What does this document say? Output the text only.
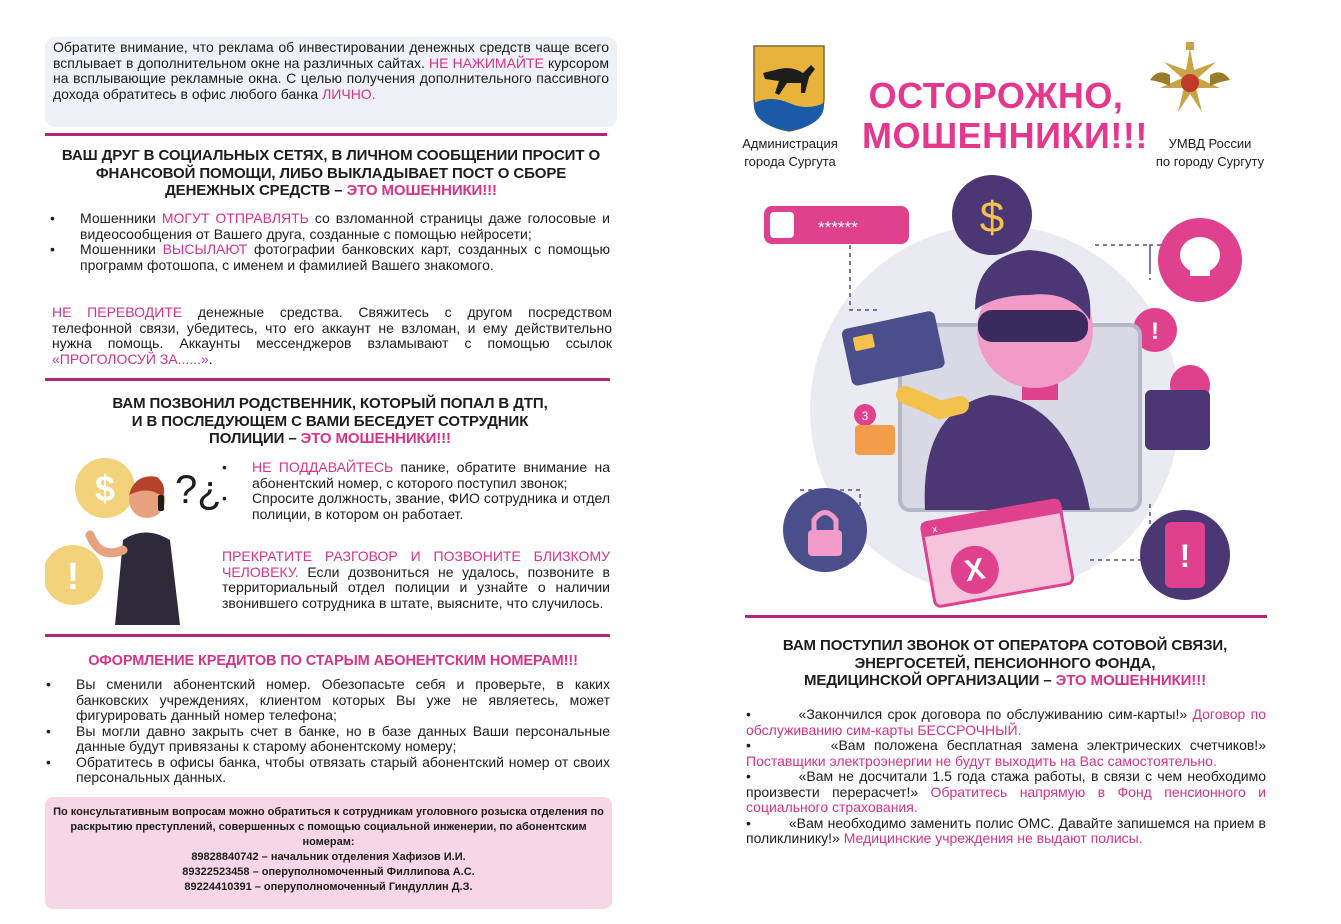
Обратите внимание, что реклама об инвестировании денежных средств чаще всего всплывает в дополнительном окне на различных сайтах. НЕ НАЖИМАЙТЕ курсором на всплывающие рекламные окна. С целью получения дополнительного пассивного дохода обратитесь в офис любого банка ЛИЧНО.
ВАШ ДРУГ В СОЦИАЛЬНЫХ СЕТЯХ, В ЛИЧНОМ СООБЩЕНИИ ПРОСИТ О ФНАНСОВОЙ ПОМОЩИ, ЛИБО ВЫКЛАДЫВАЕТ ПОСТ О СБОРЕ ДЕНЕЖНЫХ СРЕДСТВ – ЭТО МОШЕННИКИ!!!
•	Мошенники МОГУТ ОТПРАВЛЯТЬ со взломанной страницы даже голосовые и видеосообщения от Вашего друга, созданные с помощью нейросети;
•	Мошенники ВЫСЫЛАЮТ фотографии банковских карт, созданных с помощью программ фотошопа, с именем и фамилией Вашего знакомого.
НЕ ПЕРЕВОДИТЕ денежные средства. Свяжитесь с другом посредством телефонной связи, убедитесь, что его аккаунт не взломан, и ему действительно нужна помощь. Аккаунты мессенджеров взламывают с помощью ссылок «ПРОГОЛОСУЙ ЗА......».
ВАМ ПОЗВОНИЛ РОДСТВЕННИК, КОТОРЫЙ ПОПАЛ В ДТП,
И В ПОСЛЕДУЮЩЕМ С ВАМИ БЕСЕДУЕТ СОТРУДНИК
ПОЛИЦИИ – ЭТО МОШЕННИКИ!!!
$
!
?¿
•	НЕ ПОДДАВАЙТЕСЬ панике, обратите внимание на абонентский номер, с которого поступил звонок;
•	Спросите должность, звание, ФИО сотрудника и отдел полиции, в котором он работает.
ПРЕКРАТИТЕ РАЗГОВОР И ПОЗВОНИТЕ БЛИЗКОМУ ЧЕЛОВЕКУ. Если дозвониться не удалось, позвоните в территориальный отдел полиции и узнайте о наличии звонившего сотрудника в штате, выясните, что случилось.
ОФОРМЛЕНИЕ КРЕДИТОВ ПО СТАРЫМ АБОНЕНТСКИМ НОМЕРАМ!!!
•	Вы сменили абонентский номер. Обезопасьте себя и проверьте, в каких банковских учреждениях, клиентом которых Вы уже не являетесь, может фигурировать данный номер телефона;
•	Вы могли давно закрыть счет в банке, но в базе данных Ваши персональные данные будут привязаны к старому абонентскому номеру;
•	Обратитесь в офисы банка, чтобы отвязать старый абонентский номер от своих персональных данных.
По консультативным вопросам можно обратиться к сотрудникам уголовного розыска отделения по раскрытию преступлений, совершенных с помощью социальной инженерии, по абонентским номерам:
89828840742 – начальник отделения Хафизов И.И.
89322523458 – оперуполномоченный Филлипова А.С.
89224410391 – оперуполномоченный Гиндуллин Д.З.
Администрация
города Сургута
ОСТОРОЖНО,
МОШЕННИКИ!!!	УМВД России
по городу Сургуту
******	$
!
3
x
X	!
ВАМ ПОСТУПИЛ ЗВОНОК ОТ ОПЕРАТОРА СОТОВОЙ СВЯЗИ,
ЭНЕРГОСЕТЕЙ, ПЕНСИОННОГО ФОНДА,
МЕДИЦИНСКОЙ ОРГАНИЗАЦИИ – ЭТО МОШЕННИКИ!!!
•         «Закончился срок договора по обслуживанию сим-карты!» Договор по обслуживанию сим-карты БЕССРОЧНЫЙ.
•         «Вам положена бесплатная замена электрических счетчиков!» Поставщики электроэнергии не будут выходить на Вас самостоятельно.
•         «Вам не досчитали 1.5 года стажа работы, в связи с чем необходимо произвести перерасчет!» Обратитесь напрямую в Фонд пенсионного и социального страхования.
•         «Вам необходимо заменить полис ОМС. Давайте запишемся на прием в поликлинику!» Медицинские учреждения не выдают полисы.
